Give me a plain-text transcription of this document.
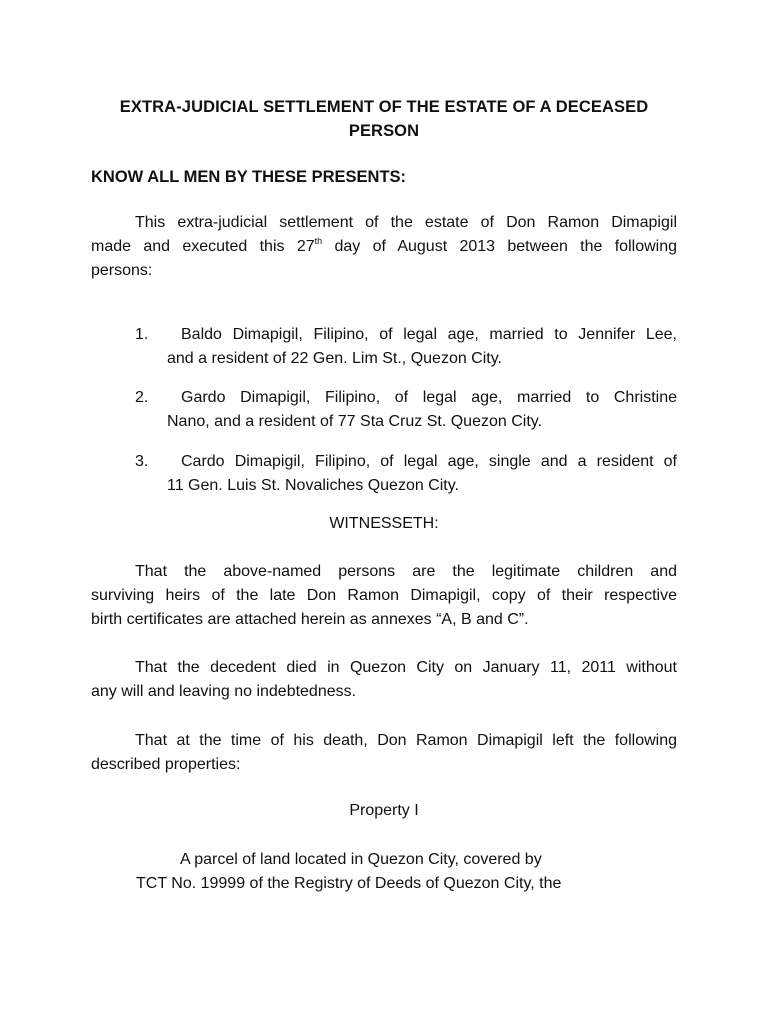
EXTRA-JUDICIAL SETTLEMENT OF THE ESTATE OF A DECEASED
PERSON
KNOW ALL MEN BY THESE PRESENTS:
This extra-judicial settlement of the estate of Don Ramon Dimapigil
made and executed this 27th day of August 2013 between the following
persons:
1.	Baldo Dimapigil, Filipino, of legal age, married to Jennifer Lee,
and a resident of 22 Gen. Lim St., Quezon City.
2.	Gardo Dimapigil, Filipino, of legal age, married to Christine
Nano, and a resident of 77 Sta Cruz St. Quezon City.
3.	Cardo Dimapigil, Filipino, of legal age, single and a resident of
11 Gen. Luis St. Novaliches Quezon City.
WITNESSETH:
That the above-named persons are the legitimate children and
surviving heirs of the late Don Ramon Dimapigil, copy of their respective
birth certificates are attached herein as annexes “A, B and C”.
That the decedent died in Quezon City on January 11, 2011 without
any will and leaving no indebtedness.
That at the time of his death, Don Ramon Dimapigil left the following
described properties:
Property I
A parcel of land located in Quezon City, covered by
TCT No. 19999 of the Registry of Deeds of Quezon City, the
